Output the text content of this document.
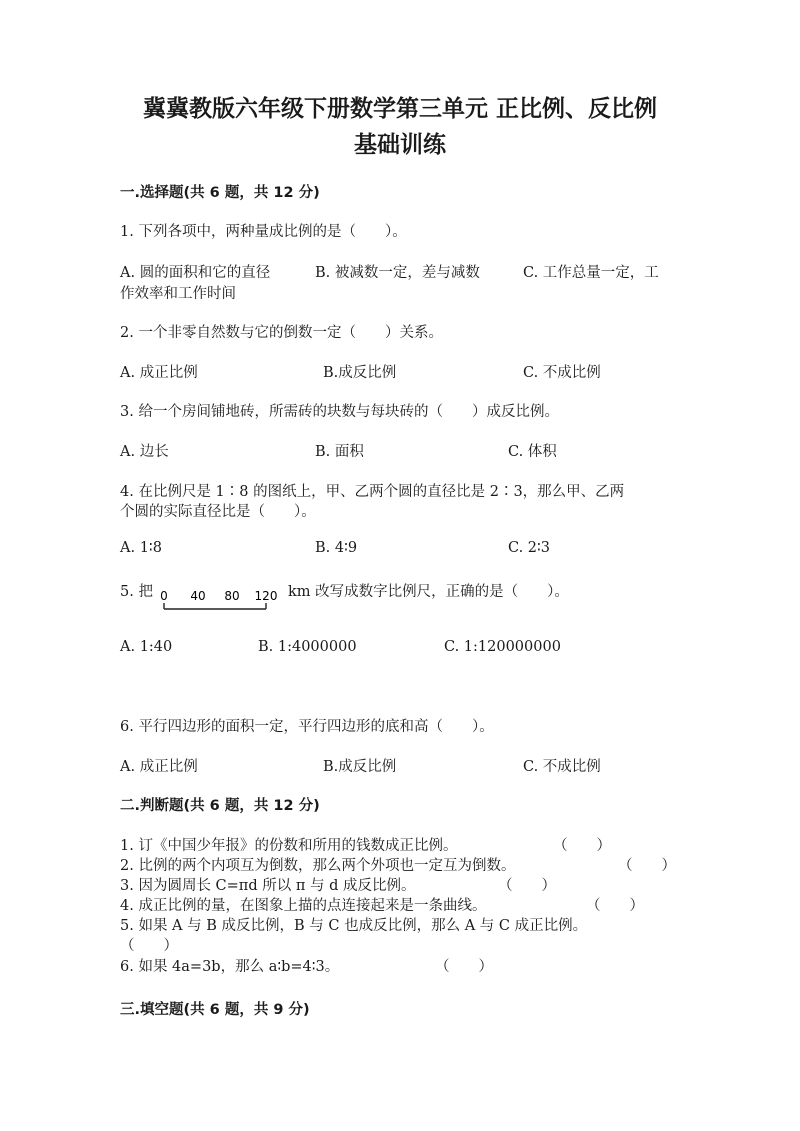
冀冀教版六年级下册数学第三单元 正比例、反比例
基础训练
一.选择题(共 6 题，共 12 分)
1. 下列各项中，两种量成比例的是（　　）。
A. 圆的面积和它的直径	B. 被减数一定，差与减数	C. 工作总量一定，工
作效率和工作时间
2. 一个非零自然数与它的倒数一定（　　）关系。
A. 成正比例	B.成反比例	C. 不成比例
3. 给一个房间铺地砖，所需砖的块数与每块砖的（　　）成反比例。
A. 边长	B. 面积	C. 体积
4. 在比例尺是 1∶8 的图纸上，甲、乙两个圆的直径比是 2∶3，那么甲、乙两
个圆的实际直径比是（　　）。
A. 1∶8	B. 4∶9	C. 2∶3
5. 把 0 40 80 120 km 改写成数字比例尺，正确的是（　　）。
A. 1:40	B. 1:4000000	C. 1:120000000
6. 平行四边形的面积一定，平行四边形的底和高（　　）。
A. 成正比例	B.成反比例	C. 不成比例
二.判断题(共 6 题，共 12 分)
1. 订《中国少年报》的份数和所用的钱数成正比例。	（　　）
2. 比例的两个内项互为倒数，那么两个外项也一定互为倒数。	（　　）
3. 因为圆周长 C=πd 所以 π 与 d 成反比例。	（　　）
4. 成正比例的量，在图象上描的点连接起来是一条曲线。	（　　）
5. 如果 A 与 B 成反比例，B 与 C 也成反比例，那么 A 与 C 成正比例。
（　　）
6. 如果 4a=3b，那么 a∶b=4∶3。	（　　）
三.填空题(共 6 题，共 9 分)
